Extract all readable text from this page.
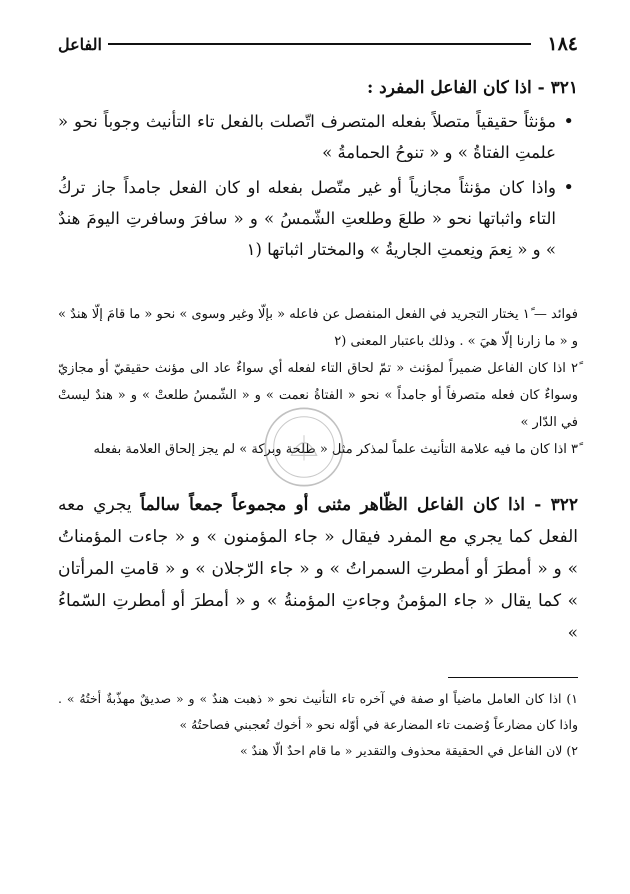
١٨٤
الفاعل
٣٢١ - اذا كان الفاعل المفرد :
• مؤنثاً حقيقياً متصلاً بفعله المتصرف اتّصلت بالفعل تاء التأنيث وجوباً نحو « علمتِ الفتاةُ » و « تنوحُ الحمامةُ »
• واذا كان مؤنثاً مجازياً أو غير متّصل بفعله او كان الفعل جامداً جاز تركُ التاء واثباتها نحو « طلعَ وطلعتِ الشّمسُ » و « سافرَ وسافرتِ اليومَ هندٌ » و « نِعمَ ونِعمتِ الجاريةُ » والمختار اثباتها (١

فوائد — ١ً يختار التجريد في الفعل المنفصل عن فاعله « بإلّا وغير وسوى » نحو « ما قامَ إلّا هندٌ » و « ما زارنا إلّا هيَ » . وذلك باعتبار المعنى (٢

٢ً اذا كان الفاعل ضميراً لمؤنث « تمّ لحاق التاء لفعله أي سواءٌ عاد الى مؤنث حقيقيّ أو مجازيّ وسواءٌ كان فعله متصرفاً أو جامداً » نحو « الفتاةُ نعمت » و « الشّمسُ طلعتْ » و « هندٌ ليستْ في الدّار »

٣ً اذا كان ما فيه علامة التأنيث علماً لمذكر مثل « طلحة وبركة » لم يجز إلحاق العلامة بفعله

٣٢٢ - اذا كان الفاعل الظّاهر مثنى أو مجموعاً جمعاً سالماً يجري معه الفعل كما يجري مع المفرد فيقال « جاء المؤمنون » و « جاءت المؤمناتُ » و « أمطرَ أو أمطرتِ السمراتُ » و « جاء الرّجلان » و « قامتِ المرأتان » كما يقال « جاء المؤمنُ وجاءتِ المؤمنةُ » و « أمطرَ أو أمطرتِ السّماءُ »

١) اذا كان العامل ماضياً او صفة في آخره تاء التأنيث نحو « ذهبت هندٌ » و « صديقٌ مهذّبةٌ أختُهُ » . واذا كان مضارعاً وُضمت تاء المضارعة في أوّله نحو « أخوك تُعجبني فصاحتُهُ »

٢) لان الفاعل في الحقيقة محذوف والتقدير « ما قام احدٌ الّا هندٌ »
